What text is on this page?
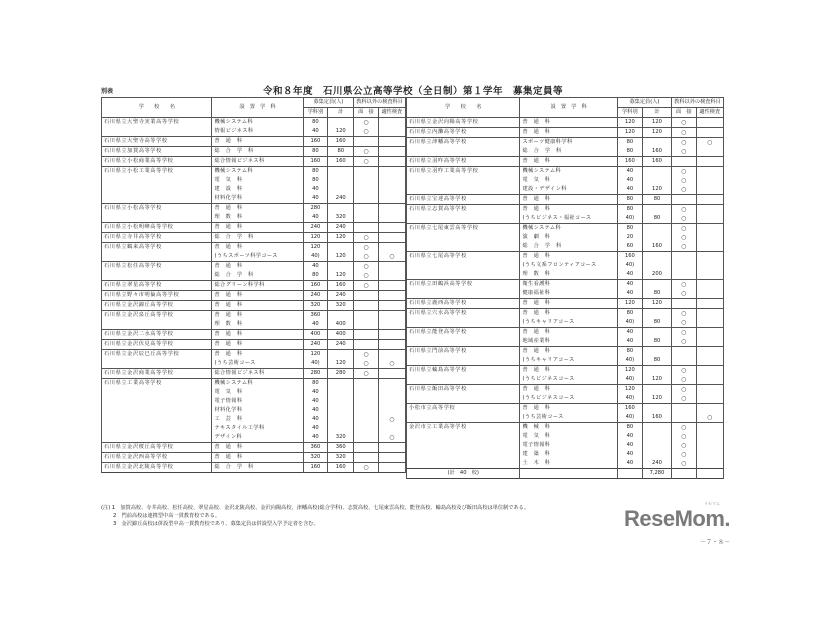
別表	令和８年度　石川県公立高等学校（全日制）第１学年　募集定員等
学　　校　　名	設　置　学　科	募集定員(人)		教科以外の検査科目	
		学科別	計	面　接	適性検査
石川県立大聖寺実業高等学校	機械システム科	80		○	
	情報ビジネス科	40	120	○	
石川県立大聖寺高等学校	普　通　科	160	160		
石川県立加賀高等学校	総　合　学　科	80	80	○	
石川県立小松商業高等学校	総合情報ビジネス科	160	160	○	
石川県立小松工業高等学校	機械システム科	80			
	電　気　科	80			
	建　設　科	40			
	材料化学科	40	240		
石川県立小松高等学校	普　通　科	280			
	理　数　科	40	320		
石川県立小松明峰高等学校	普　通　科	240	240		
石川県立寺井高等学校	総　合　学　科	120	120	○	
石川県立鶴来高等学校	普　通　科	120		○	
	(うちスポーツ科学コース	40)	120	○	○
石川県立松任高等学校	普　通　科	40		○	
	総　合　学　科	80	120	○	
石川県立翠星高等学校	総合グリーン科学科	160	160	○	
石川県立野々市明倫高等学校	普　通　科	240	240		
石川県立金沢錦丘高等学校	普　通　科	320	320		
石川県立金沢泉丘高等学校	普　通　科	360			
	理　数　科	40	400		
石川県立金沢二水高等学校	普　通　科	400	400		
石川県立金沢伏見高等学校	普　通　科	240	240		
石川県立金沢辰巳丘高等学校	普　通　科	120		○	
	(うち芸術コース	40)	120	○	○
石川県立金沢商業高等学校	総合情報ビジネス科	280	280	○	
石川県立工業高等学校	機械システム科	80			
	電　気　科	40			
	電子情報科	40			
	材料化学科	40			
	工　芸　科	40			○
	テキスタイル工学科	40			
	デザイン科	40	320		○
石川県立金沢桜丘高等学校	普　通　科	360	360		
石川県立金沢西高等学校	普　通　科	320	320		
石川県立金沢北陵高等学校	総　合　学　科	160	160	○	
学　　校　　名	設　置　学　科	募集定員(人)		教科以外の検査科目	
		学科別	計	面　接	適性検査
石川県立金沢向陽高等学校	普　通　科	120	120	○	
石川県立内灘高等学校	普　通　科	120	120	○	
石川県立津幡高等学校	スポーツ健康科学科	80		○	○
	総　合　学　科	80	160	○	
石川県立羽咋高等学校	普　通　科	160	160		
石川県立羽咋工業高等学校	機械システム科	40		○	
	電　気　科	40		○	
	建設・デザイン科	40	120	○	
石川県立宝達高等学校	普　通　科	80	80		
石川県立志賀高等学校	普　通　科	80		○	
	(うちビジネス・福祉コース	40)	80	○	
石川県立七尾東雲高等学校	機械システム科	80		○	
	演　劇　科	20		○	
	総　合　学　科	60	160	○	
石川県立七尾高等学校	普　通　科	160			
	(うち文系フロンティアコース	40)			
	理　数　科	40	200		
石川県立田鶴浜高等学校	衛生看護科	40		○	
	健康福祉科	40	80	○	
石川県立鹿西高等学校	普　通　科	120	120		
石川県立穴水高等学校	普　通　科	80		○	
	(うちキャリアコース	40)	80	○	
石川県立能登高等学校	普　通　科	40		○	
	地域産業科	40	80	○	
石川県立門前高等学校	普　通　科	80			
	(うちキャリアコース	40)	80		
石川県立輪島高等学校	普　通　科	120		○	
	(うちビジネスコース	40)	120	○	
石川県立飯田高等学校	普　通　科	120		○	
	(うちビジネスコース	40)	120	○	
小松市立高等学校	普　通　科	160			
	(うち芸術コース	40)	160		○
金沢市立工業高等学校	機　械　科	80		○	
	電　気　科	40		○	
	電子情報科	40		○	
	建　築　科	40		○	
	土　木　科	40	240	○	
(計　40　校)			7,280		
(注) 1　加賀高校、寺井高校、松任高校、翠星高校、金沢北陵高校、金沢向陽高校、津幡高校(総合学科)、志賀高校、七尾東雲高校、能登高校、輪島高校及び飯田高校は単位制である。
　　 2　門前高校は連携型中高一貫教育校である。
　　 3　金沢錦丘高校は併設型中高一貫教育校であり、募集定員は併設型入学予定者を含む。
リセマム
ReseMom.
－７・８－
